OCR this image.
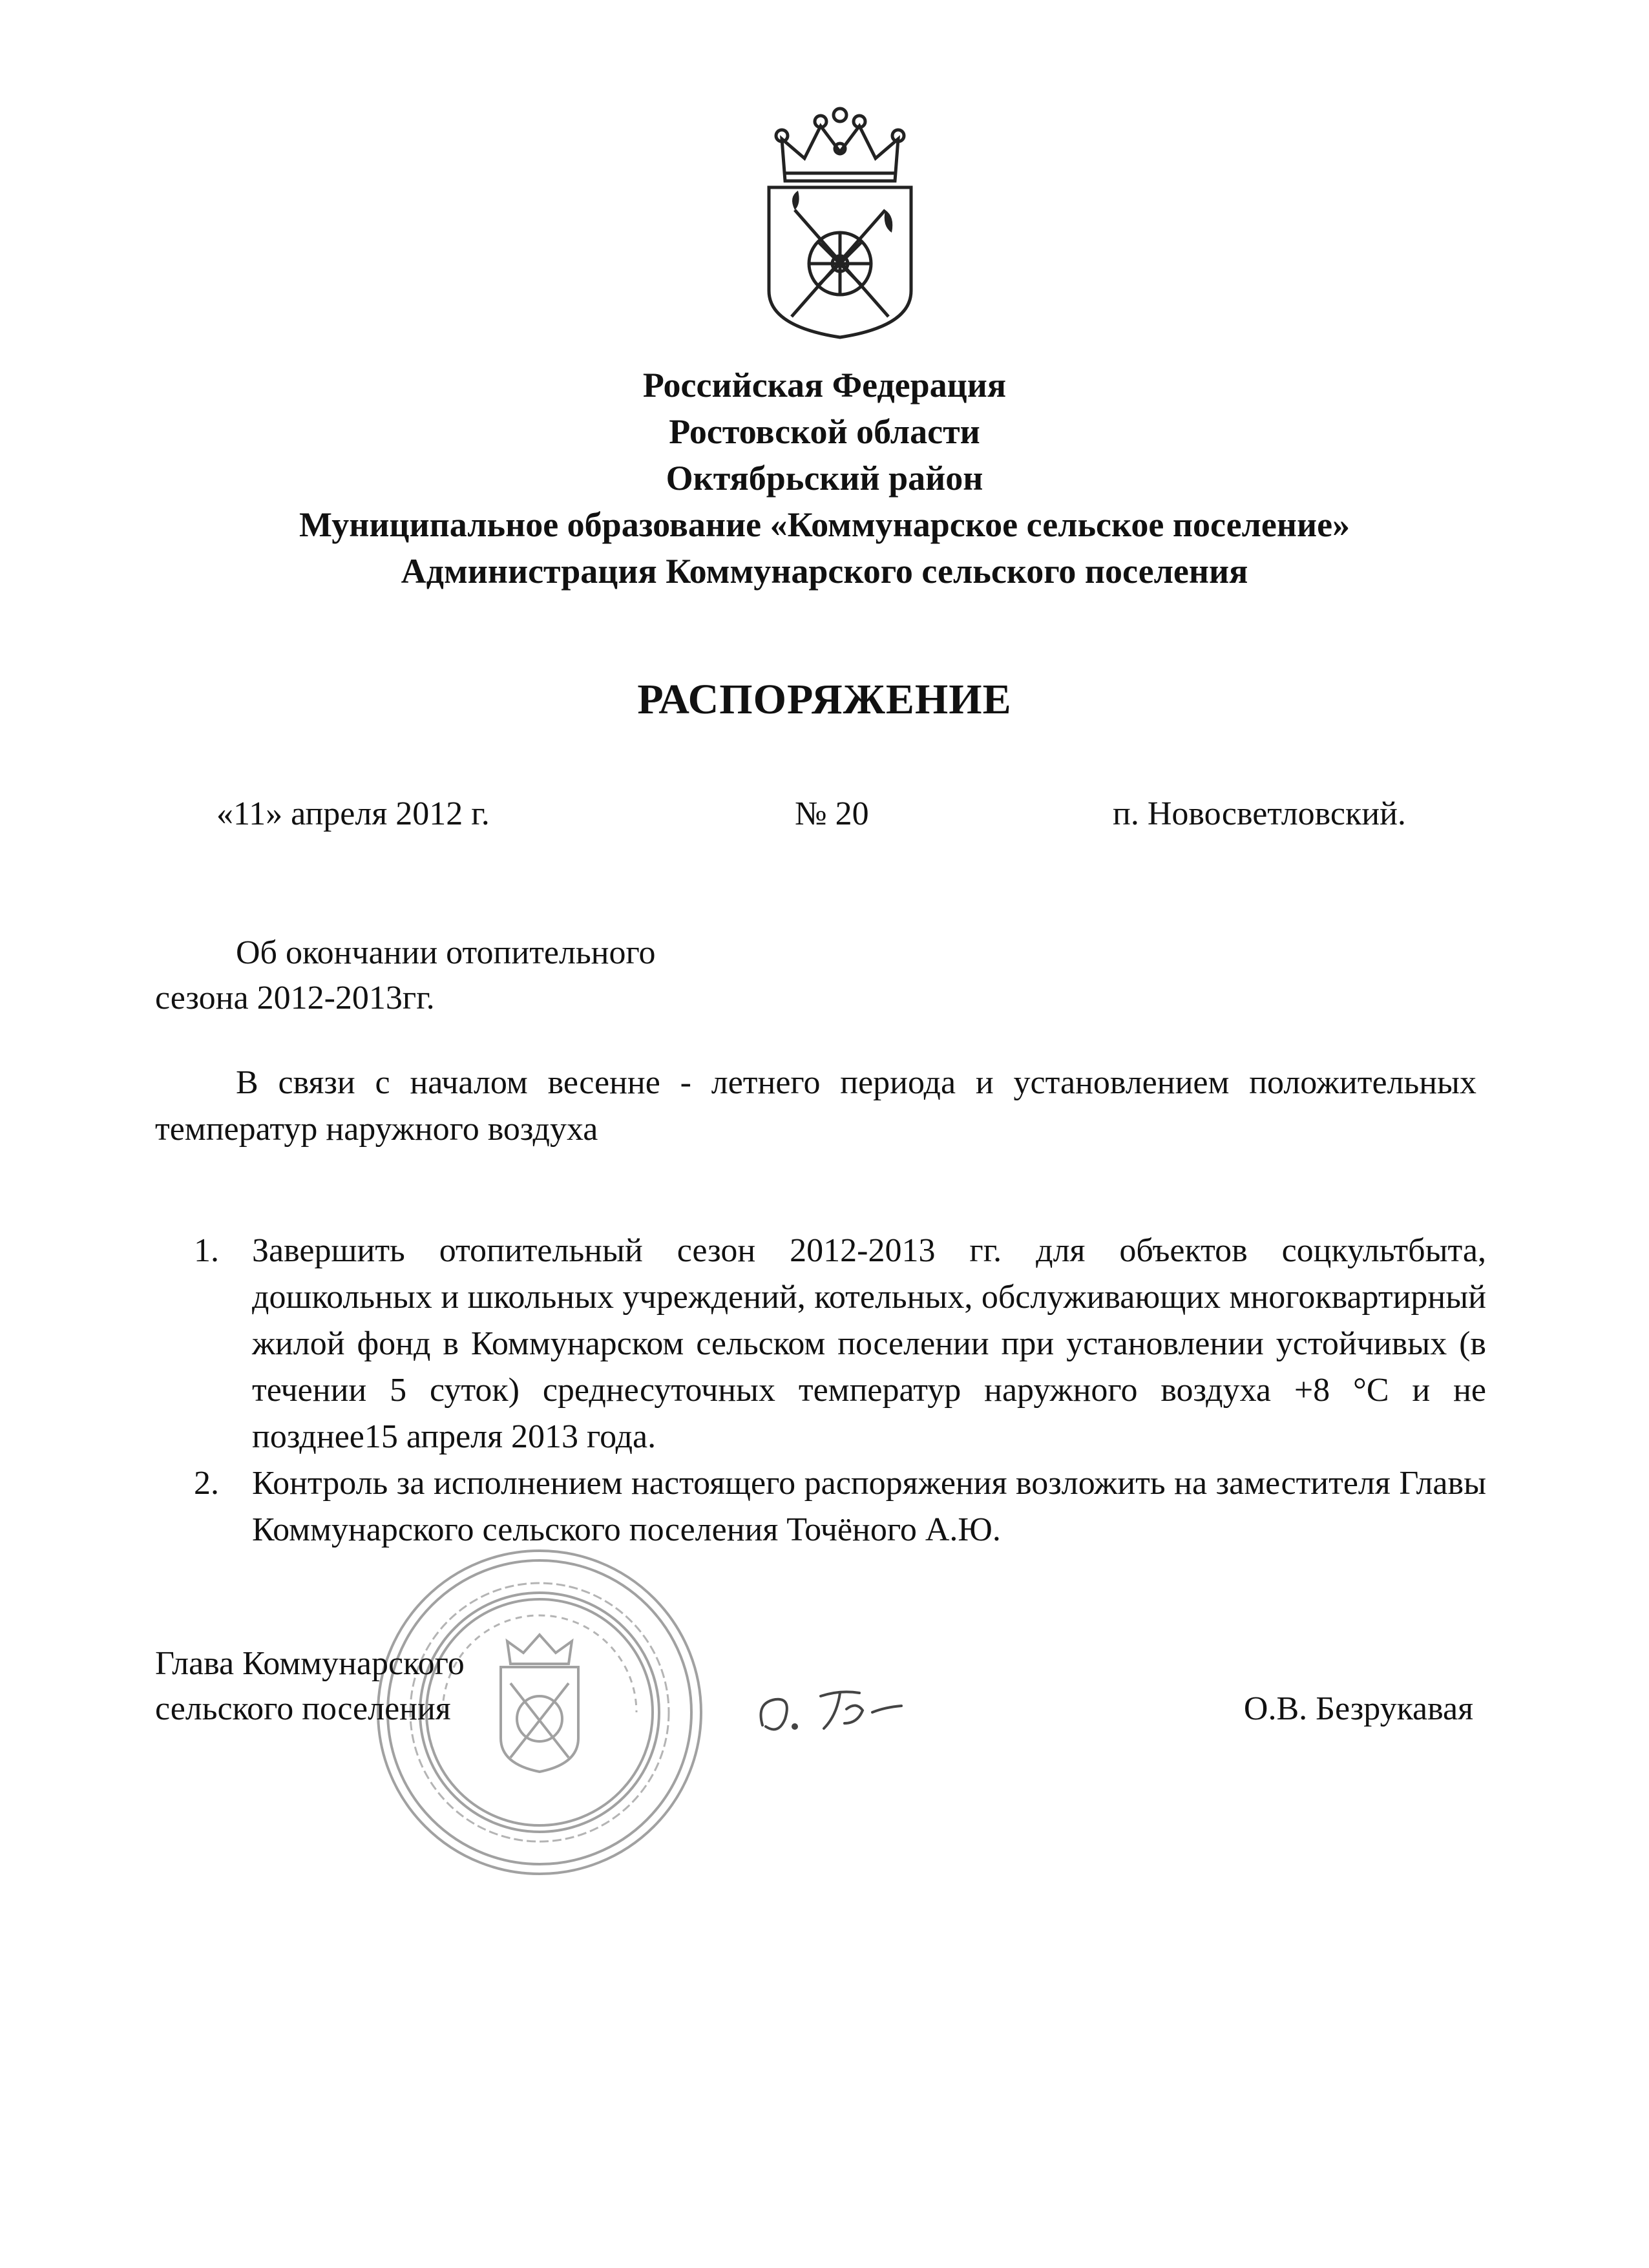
Российская Федерация

Ростовской области

Октябрьский район

Муниципальное образование «Коммунарское сельское поселение»

Администрация Коммунарского сельского поселения

РАСПОРЯЖЕНИЕ
«11» апреля 2012 г.	№ 20	п. Новосветловский.
Об окончании отопительного
сезона 2012-2013гг.
В связи с началом весенне - летнего периода и установлением положительных температур наружного воздуха
1. Завершить отопительный сезон 2012-2013 гг. для объектов соцкультбыта, дошкольных и школьных учреждений, котельных, обслуживающих многоквартирный жилой фонд в Коммунарском сельском поселении при установлении устойчивых (в течении 5 суток) среднесуточных температур наружного воздуха +8 °С и не позднее15 апреля 2013 года.
2. Контроль за исполнением настоящего распоряжения возложить на заместителя Главы Коммунарского сельского поселения Точёного А.Ю.
Глава Коммунарского
сельского поселения	О.В. Безрукавая
